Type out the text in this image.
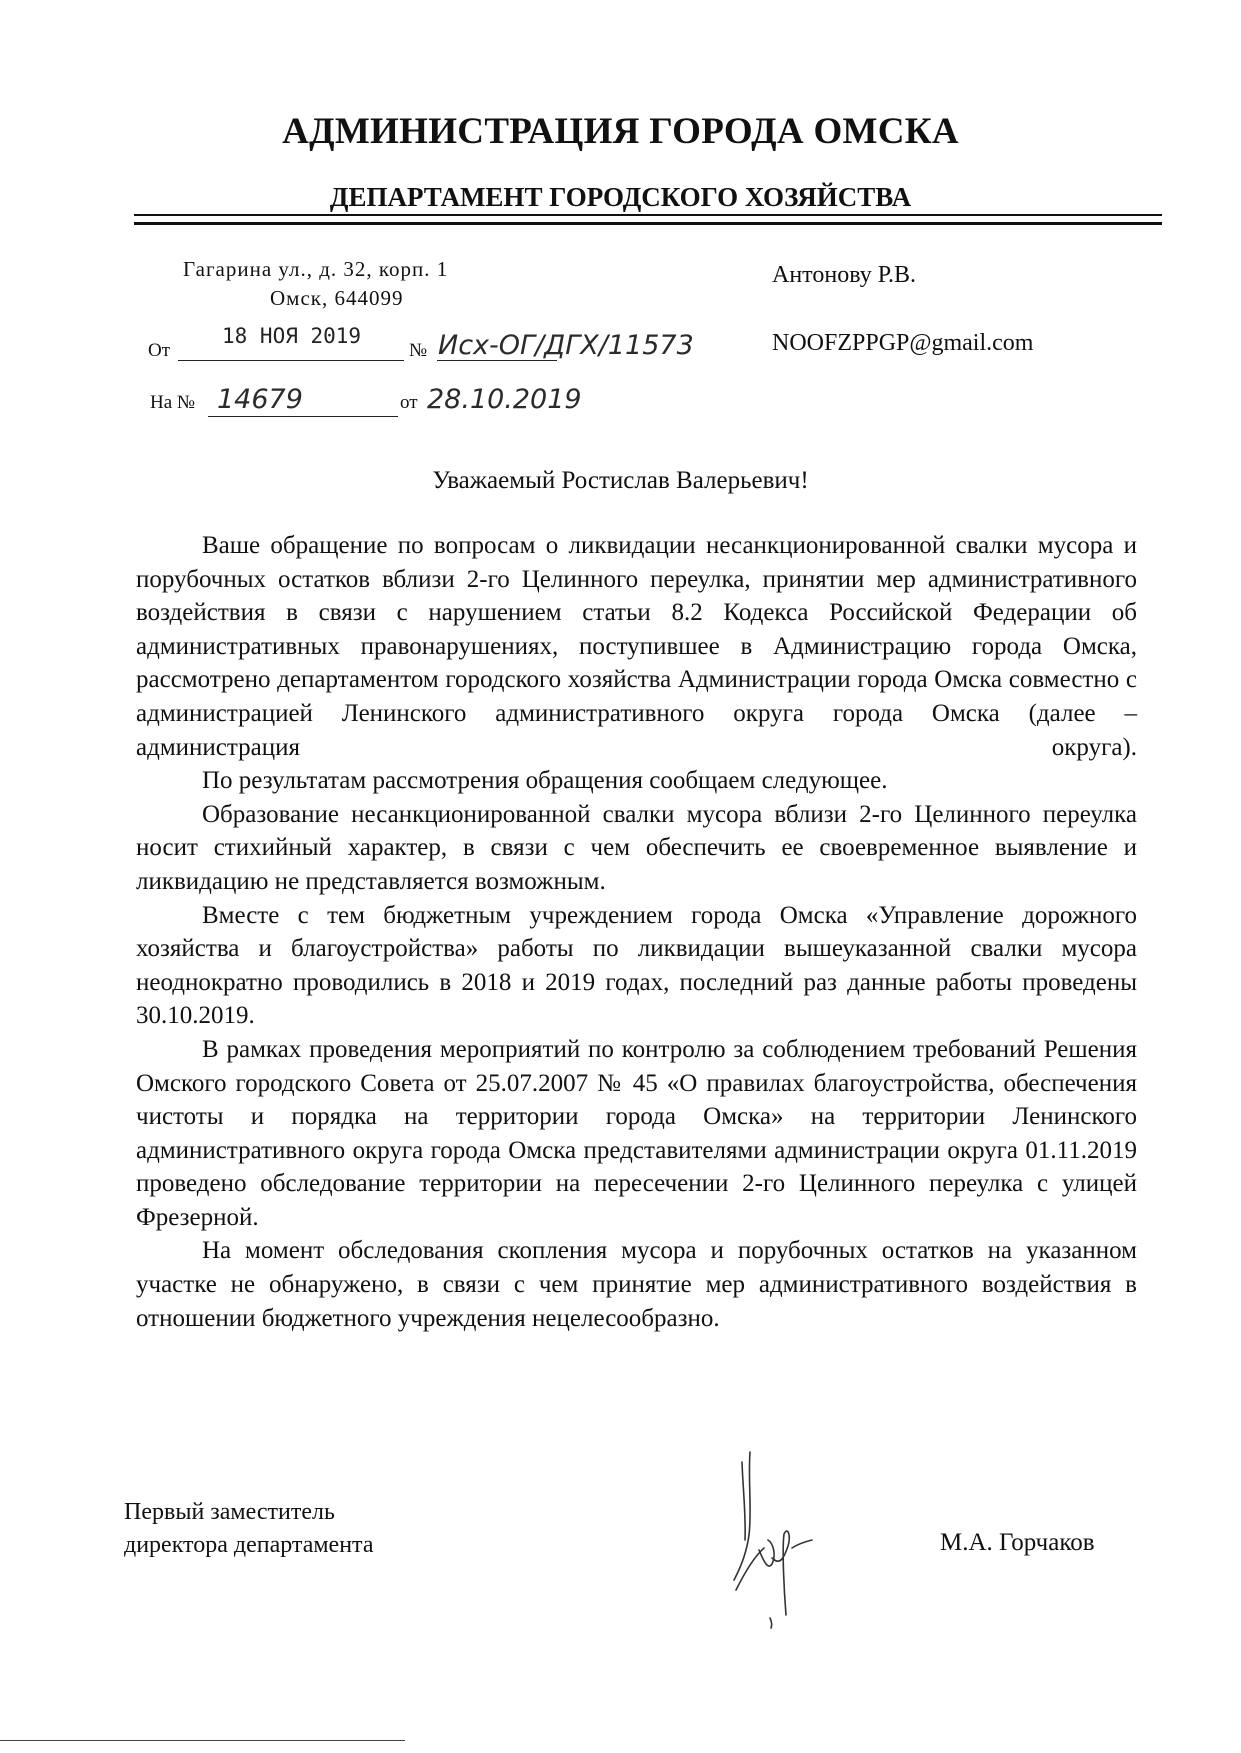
АДМИНИСТРАЦИЯ ГОРОДА ОМСКА
ДЕПАРТАМЕНТ ГОРОДСКОГО ХОЗЯЙСТВА
Гагарина ул., д. 32, корп. 1
Омск, 644099
От
18 НОЯ 2019
№ Исх-ОГ/ДГХ/11573
На № 14679	от 28.10.2019
Антонову Р.В.
NOOFZPPGP@gmail.com
Уважаемый Ростислав Валерьевич!

Ваше обращение по вопросам о ликвидации несанкционированной свалки мусора и порубочных остатков вблизи 2-го Целинного переулка, принятии мер административного воздействия в связи с нарушением статьи 8.2 Кодекса Российской Федерации об административных правонарушениях, поступившее в Администрацию города Омска, рассмотрено департаментом городского хозяйства Администрации города Омска совместно с администрацией Ленинского административного округа города Омска (далее – администрация округа).

По результатам рассмотрения обращения сообщаем следующее.

Образование несанкционированной свалки мусора вблизи 2-го Целинного переулка носит стихийный характер, в связи с чем обеспечить ее своевременное выявление и ликвидацию не представляется возможным.

Вместе с тем бюджетным учреждением города Омска «Управление дорожного хозяйства и благоустройства» работы по ликвидации вышеуказанной свалки мусора неоднократно проводились в 2018 и 2019 годах, последний раз данные работы проведены 30.10.2019.

В рамках проведения мероприятий по контролю за соблюдением требований Решения Омского городского Совета от 25.07.2007 № 45 «О правилах благоустройства, обеспечения чистоты и порядка на территории города Омска» на территории Ленинского административного округа города Омска представителями администрации округа 01.11.2019 проведено обследование территории на пересечении 2-го Целинного переулка с улицей Фрезерной.

На момент обследования скопления мусора и порубочных остатков на указанном участке не обнаружено, в связи с чем принятие мер административного воздействия в отношении бюджетного учреждения нецелесообразно.

Первый заместитель
директора департамента	М.А. Горчаков
